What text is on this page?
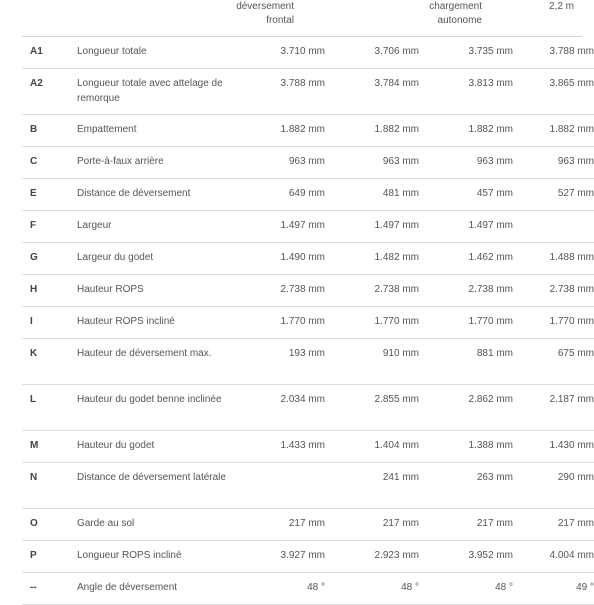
déversement
frontal
chargement
autonome
2,2 m
A1	Longueur totale	3.710 mm	3.706 mm	3.735 mm	3.788 mm
A2	Longueur totale avec attelage de remorque	3.788 mm	3.784 mm	3.813 mm	3.865 mm
B	Empattement	1.882 mm	1.882 mm	1.882 mm	1.882 mm
C	Porte-à-faux arrière	963 mm	963 mm	963 mm	963 mm
E	Distance de déversement	649 mm	481 mm	457 mm	527 mm
F	Largeur	1.497 mm	1.497 mm	1.497 mm	
G	Largeur du godet	1.490 mm	1.482 mm	1.462 mm	1.488 mm
H	Hauteur ROPS	2.738 mm	2.738 mm	2.738 mm	2.738 mm
I	Hauteur ROPS incliné	1.770 mm	1.770 mm	1.770 mm	1.770 mm
K	Hauteur de déversement max.	193 mm	910 mm	881 mm	675 mm
L	Hauteur du godet benne inclinée	2.034 mm	2.855 mm	2.862 mm	2.187 mm
M	Hauteur du godet	1.433 mm	1.404 mm	1.388 mm	1.430 mm
N	Distance de déversement latérale		241 mm	263 mm	290 mm
O	Garde au sol	217 mm	217 mm	217 mm	217 mm
P	Longueur ROPS incliné	3.927 mm	2.923 mm	3.952 mm	4.004 mm
--	Angle de déversement	48 °	48 °	48 °	49 °
